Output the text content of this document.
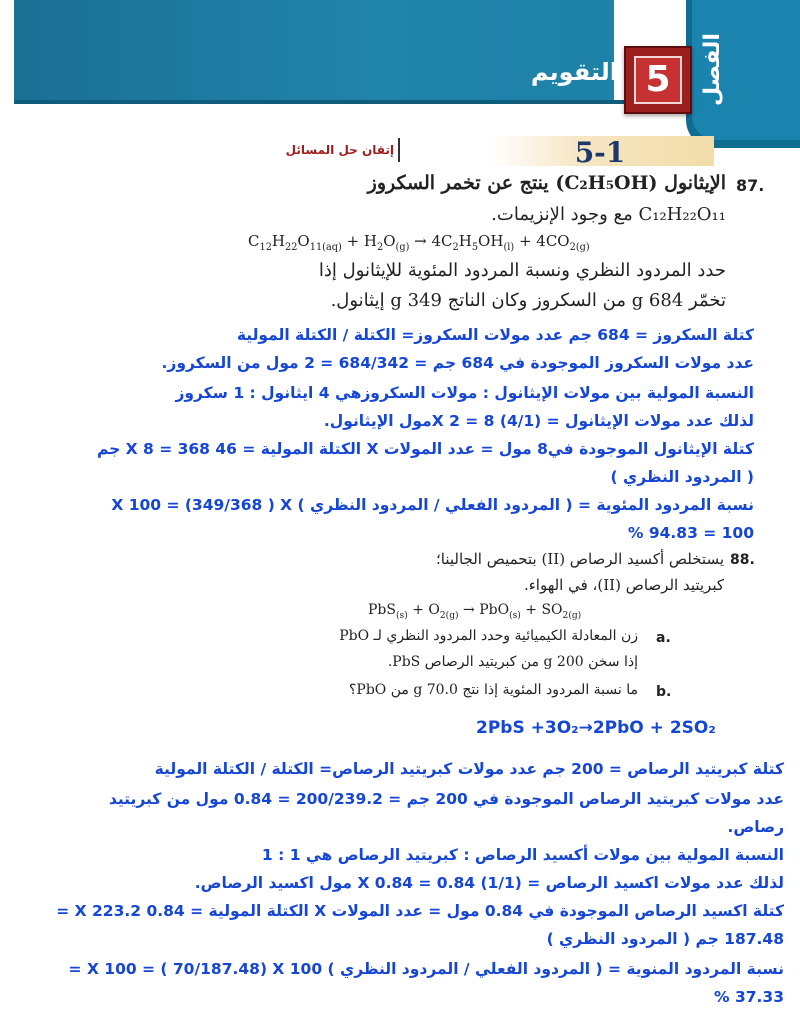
الفصل
5
التقويم
5-1
إتقان حل المسائل
87.
الإيثانول (C₂H₅OH) ينتج عن تخمر السكروز
C₁₂H₂₂O₁₁ مع وجود الإنزيمات.
$C_{12}H_{22}O_{11(aq)} + H_2O_{(g)} \to 4C_2H_5OH_{(l)} + 4CO_{2(g)}$
حدد المردود النظري ونسبة المردود المئوية للإيثانول إذا
تخمّر g 684 من السكروز وكان الناتج g 349 إيثانول.
كتلة السكروز = 684 جم عدد مولات السكروز= الكتلة / الكتلة المولية
عدد مولات السكروز الموجودة في 684 جم = 684/342 = 2 مول من السكروز.
النسبة المولية بين مولات الإيثانول : مولات السكروزهي 4 ايثانول : 1 سكروز
لذلك عدد مولات الإيثانول = (4/1) X 2 = 8مول الإيثانول.
كتلة الإيثانول الموجودة في8 مول = عدد المولات X الكتلة المولية = 46 X 8 = 368 جم
( المردود النظري )
نسبة المردود المئوية = ( المردود الفعلي / المردود النظري ) X 100 = (349/368 ) X
100 = 94.83 %
88.
يستخلص أكسيد الرصاص (II) بتحميص الجالينا؛
كبريتيد الرصاص (II)، في الهواء.
$PbS_{(s)} + O_{2(g)} \to PbO_{(s)} + SO_{2(g)}$
a.
زن المعادلة الكيميائية وحدد المردود النظري لـ PbO
إذا سخن g 200 من كبريتيد الرصاص PbS.
b.
ما نسبة المردود المئوية إذا نتج g 70.0 من PbO؟
2PbS +3O₂→2PbO + 2SO₂
كتلة كبريتيد الرصاص = 200 جم عدد مولات كبريتيد الرصاص= الكتلة / الكتلة المولية
عدد مولات كبريتيد الرصاص الموجودة في 200 جم = 200/239.2 = 0.84 مول من كبريتيد
رصاص.
النسبة المولية بين مولات أكسيد الرصاص : كبريتيد الرصاص هي 1 : 1
لذلك عدد مولات اكسيد الرصاص = (1/1) X 0.84 = 0.84 مول اكسيد الرصاص.
كتلة اكسيد الرصاص الموجودة في 0.84 مول = عدد المولات X الكتلة المولية = 0.84 X 223.2 =
187.48 جم ( المردود النظري )
نسبة المردود المنوية = ( المردود الفعلي / المردود النظري ) X 100 = ( 70/187.48) X 100 =
37.33 %
